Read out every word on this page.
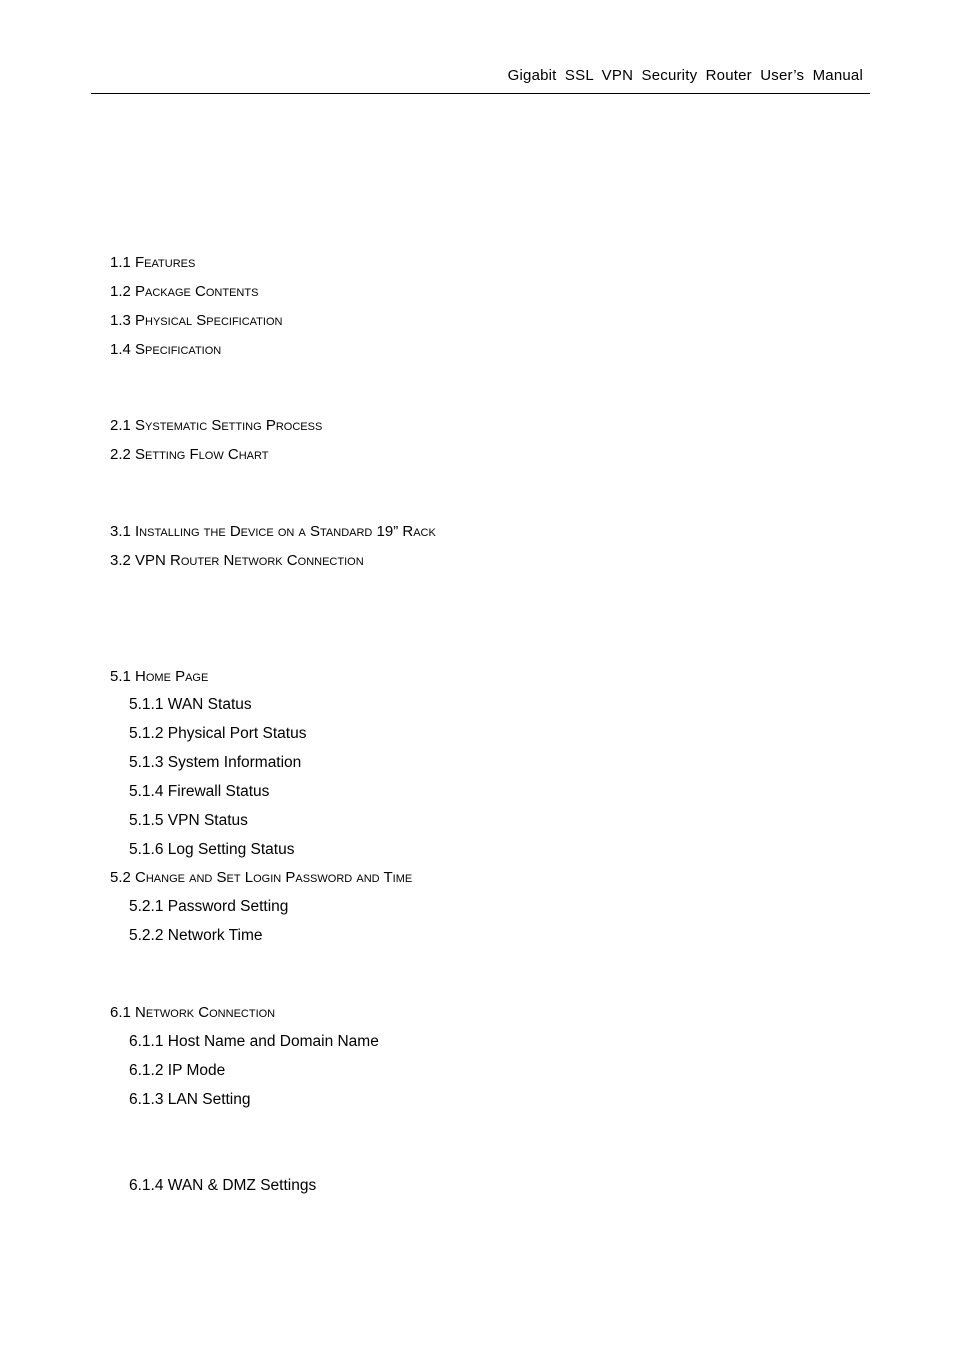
Gigabit SSL VPN Security Router User’s Manual
1.1 Features
1.2 Package Contents
1.3 Physical Specification
1.4 Specification
2.1 Systematic Setting Process
2.2 Setting Flow Chart
3.1 Installing the Device on a Standard 19” Rack
3.2 VPN Router Network Connection
5.1 Home Page
5.1.1 WAN Status
5.1.2 Physical Port Status
5.1.3 System Information
5.1.4 Firewall Status
5.1.5 VPN Status
5.1.6 Log Setting Status
5.2 Change and Set Login Password and Time
5.2.1 Password Setting
5.2.2 Network Time
6.1 Network Connection
6.1.1 Host Name and Domain Name
6.1.2 IP Mode
6.1.3 LAN Setting
6.1.4 WAN & DMZ Settings
